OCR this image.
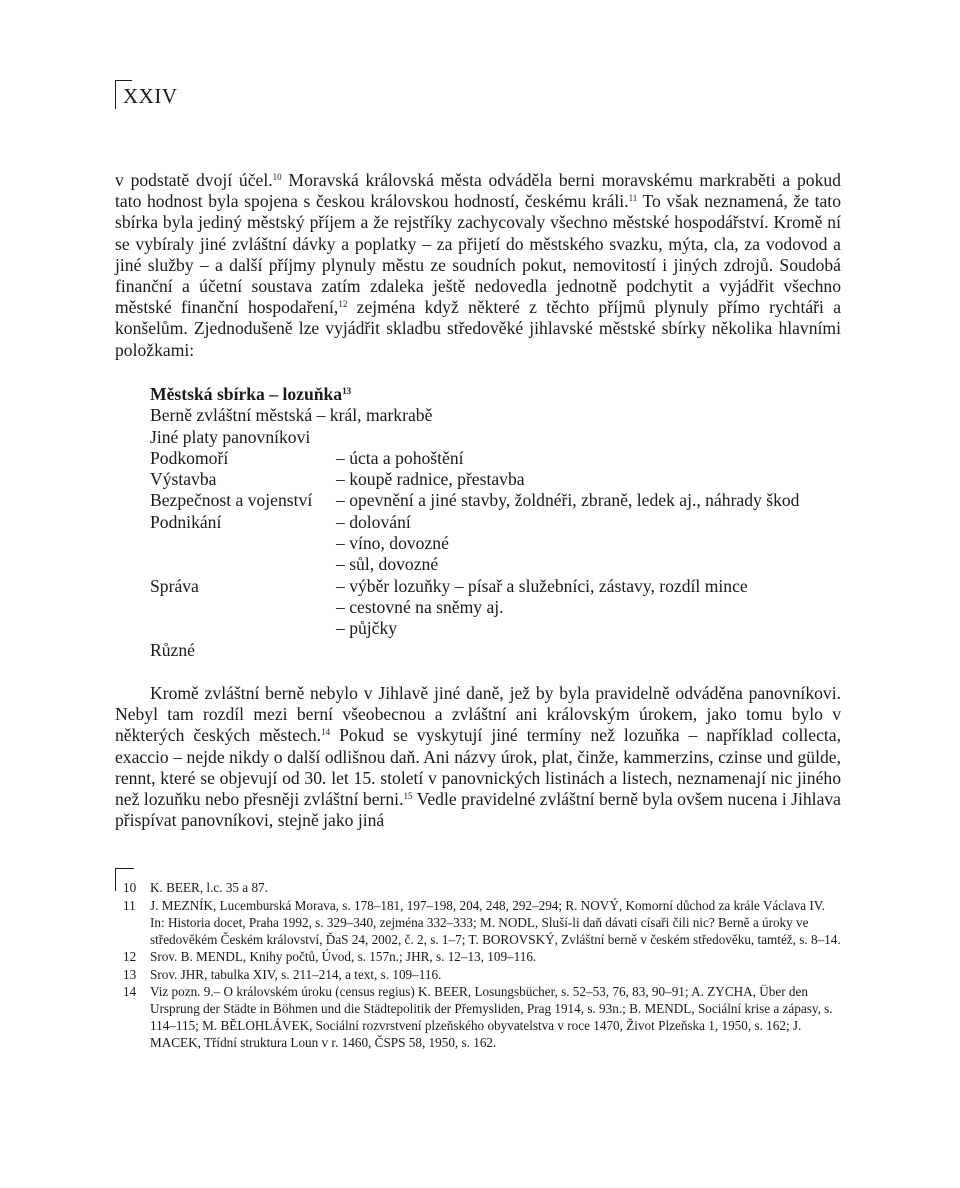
XXIV

v podstatě dvojí účel.$^{10}$ Moravská královská města odváděla berni moravskému markraběti a pokud tato hodnost byla spojena s českou královskou hodností, českému králi.$^{11}$ To však neznamená, že tato sbírka byla jediný městský příjem a že rejstříky zachycovaly všechno městské hospodářství. Kromě ní se vybíraly jiné zvláštní dávky a poplatky – za přijetí do městského svazku, mýta, cla, za vodovod a jiné služby – a další příjmy plynuly městu ze soudních pokut, nemovitostí i jiných zdrojů. Soudobá finanční a účetní soustava zatím zdaleka ještě nedovedla jednotně podchytit a vyjádřit všechno městské finanční hospodaření,$^{12}$ zejména když některé z těchto příjmů plynuly přímo rychtáři a konšelům. Zjednodušeně lze vyjádřit skladbu středověké jihlavské městské sbírky několika hlavními položkami:

Městská sbírka – lozuňka$^{13}$
Berně zvláštní městská – král, markrabě
Jiné platy panovníkovi
Podkomoří	– úcta a pohoštění
Výstavba	– koupě radnice, přestavba
Bezpečnost a vojenství – opevnění a jiné stavby, žoldnéři, zbraně, ledek aj., náhrady škod
Podnikání	– dolování
– víno, dovozné
– sůl, dovozné
Správa	– výběr lozuňky – písař a služebníci, zástavy, rozdíl mince
– cestovné na sněmy aj.
– půjčky
Různé

Kromě zvláštní berně nebylo v Jihlavě jiné daně, jež by byla pravidelně odváděna panovníkovi. Nebyl tam rozdíl mezi berní všeobecnou a zvláštní ani královským úrokem, jako tomu bylo v některých českých městech.$^{14}$ Pokud se vyskytují jiné termíny než lozuňka – například collecta, exaccio – nejde nikdy o další odlišnou daň. Ani názvy úrok, plat, činže, kammerzins, czinse und gülde, rennt, které se objevují od 30. let 15. století v panovnických listinách a listech, neznamenají nic jiného než lozuňku nebo přesněji zvláštní berni.$^{15}$ Vedle pravidelné zvláštní berně byla ovšem nucena i Jihlava přispívat panovníkovi, stejně jako jiná

10 K. BEER, l.c. 35 a 87.
11 J. MEZNÍK, Lucemburská Morava, s. 178–181, 197–198, 204, 248, 292–294; R. NOVÝ, Komorní důchod za krále Václava IV. In: Historia docet, Praha 1992, s. 329–340, zejména 332–333; M. NODL, Sluší-li daň dávati císaři čili nic? Berně a úroky ve středověkém Českém království, ĎaS 24, 2002, č. 2, s. 1–7; T. BOROVSKÝ, Zvláštní berně v českém středověku, tamtéž, s. 8–14.
12 Srov. B. MENDL, Knihy počtů, Úvod, s. 157n.; JHR, s. 12–13, 109–116.
13 Srov. JHR, tabulka XIV, s. 211–214, a text, s. 109–116.
14 Viz pozn. 9.– O královském úroku (census regius) K. BEER, Losungsbücher, s. 52–53, 76, 83, 90–91; A. ZYCHA, Über den Ursprung der Städte in Böhmen und die Städtepolitik der Přemysliden, Prag 1914, s. 93n.; B. MENDL, Sociální krise a zápasy, s. 114–115; M. BĚLOHLÁVEK, Sociální rozvrstvení plzeňského obyvatelstva v roce 1470, Život Plzeňska 1, 1950, s. 162; J. MACEK, Třídní struktura Loun v r. 1460, ČSPS 58, 1950, s. 162.
